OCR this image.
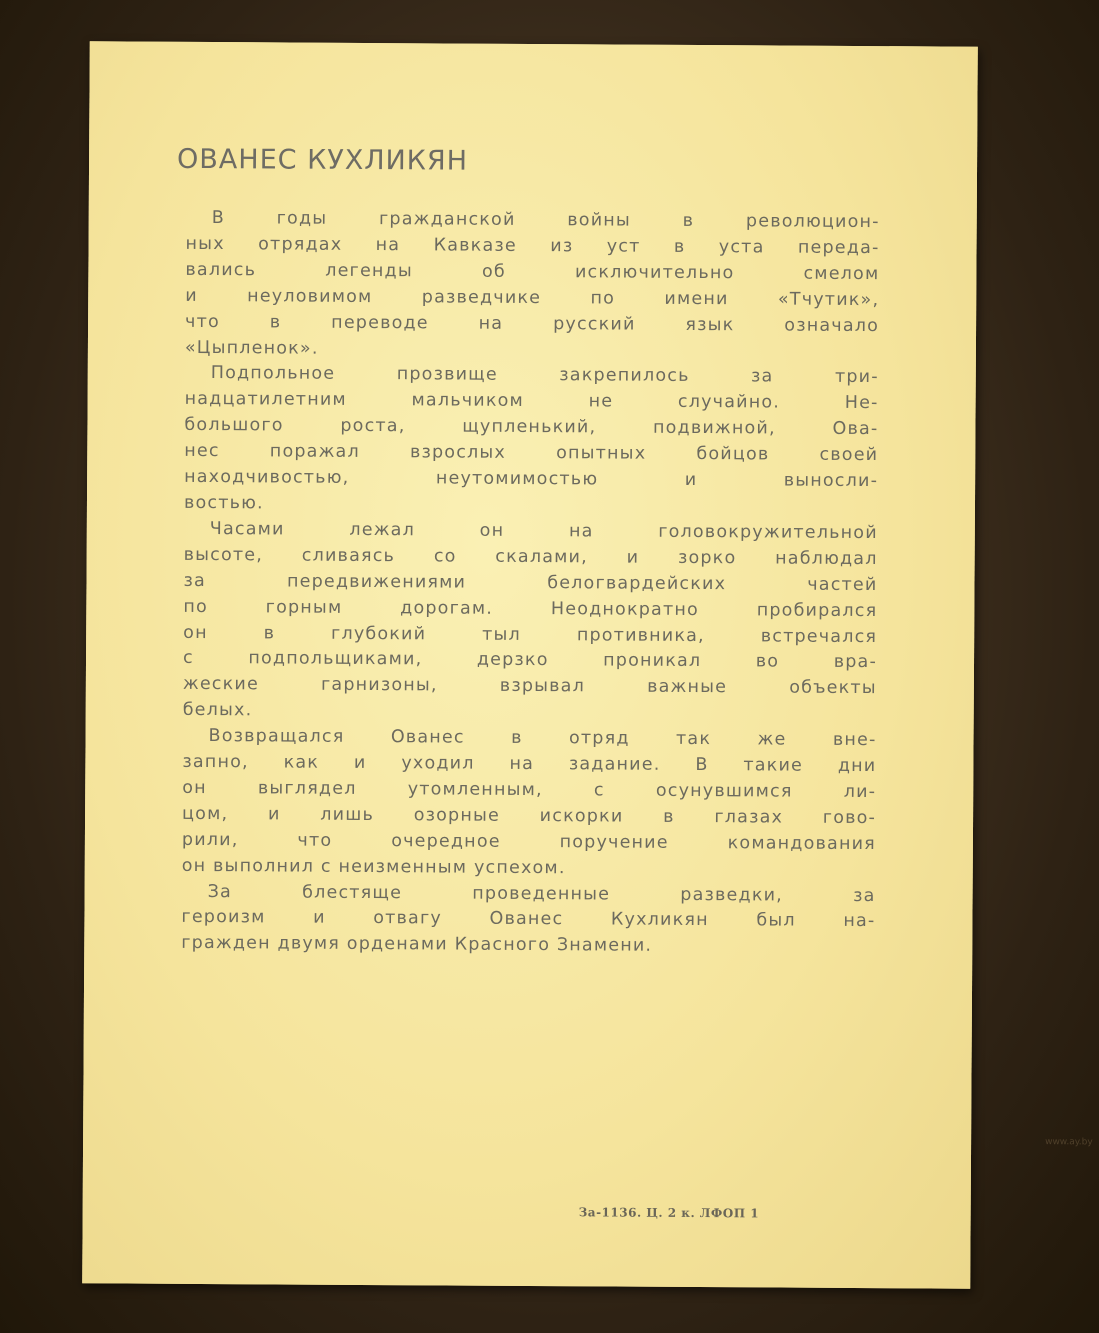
ОВАНЕС КУХЛИКЯН
В годы гражданской войны в революцион-
ных отрядах на Кавказе из уст в уста переда-
вались легенды об исключительно смелом
и неуловимом разведчике по имени «Тчутик»,
что в переводе на русский язык означало
«Цыпленок».
Подпольное прозвище закрепилось за три-
надцатилетним мальчиком не случайно. Не-
большого роста, щупленький, подвижной, Ова-
нес поражал взрослых опытных бойцов своей
находчивостью, неутомимостью и выносли-
востью.
Часами лежал он на головокружительной
высоте, сливаясь со скалами, и зорко наблюдал
за передвижениями белогвардейских частей
по горным дорогам. Неоднократно пробирался
он в глубокий тыл противника, встречался
с подпольщиками, дерзко проникал во вра-
жеские гарнизоны, взрывал важные объекты
белых.
Возвращался Ованес в отряд так же вне-
запно, как и уходил на задание. В такие дни
он выглядел утомленным, с осунувшимся ли-
цом, и лишь озорные искорки в глазах гово-
рили, что очередное поручение командования
он выполнил с неизменным успехом.
За блестяще проведенные разведки, за
героизм и отвагу Ованес Кухликян был на-
гражден двумя орденами Красного Знамени.
За-1136. Ц. 2 к. ЛФОП 1
www.ay.by
